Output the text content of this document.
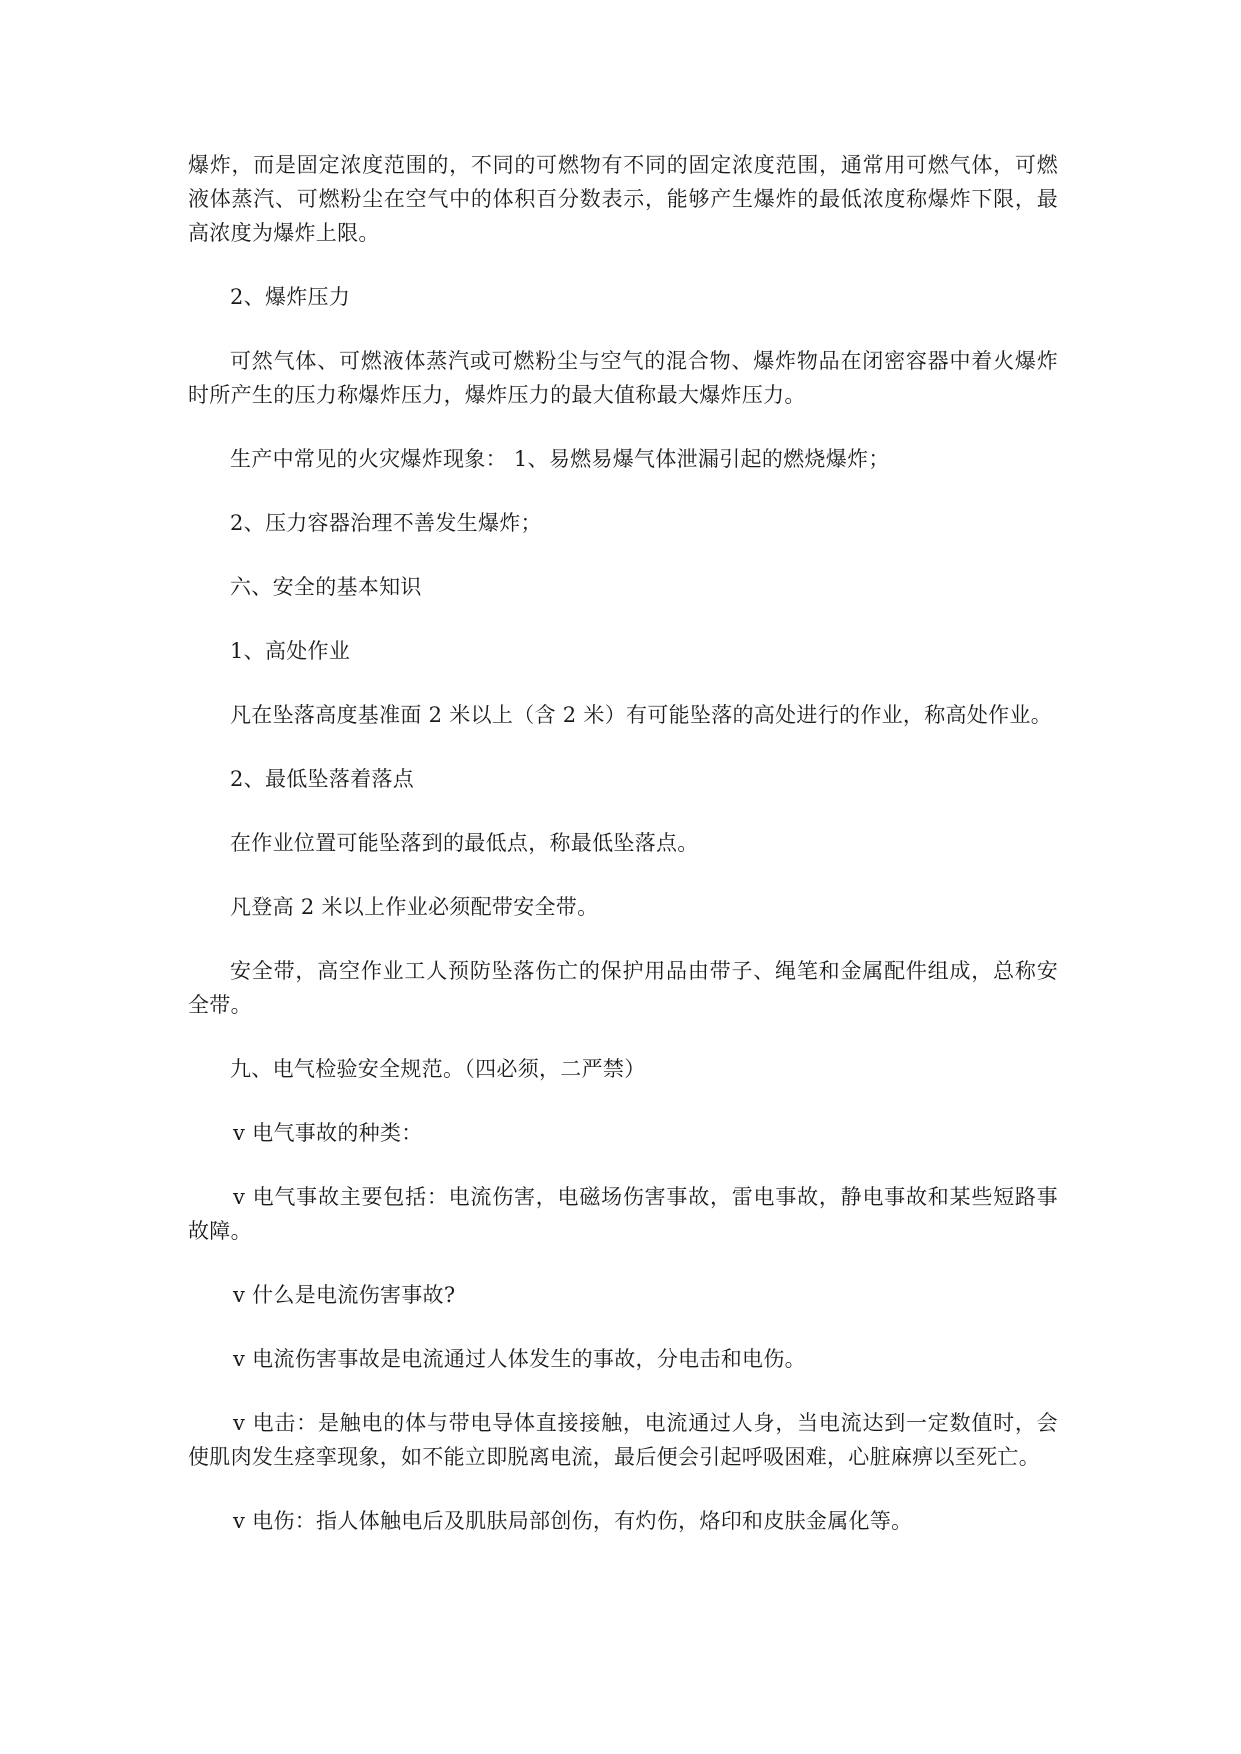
爆炸，而是固定浓度范围的，不同的可燃物有不同的固定浓度范围，通常用可燃气体，可燃液体蒸汽、可燃粉尘在空气中的体积百分数表示，能够产生爆炸的最低浓度称爆炸下限，最高浓度为爆炸上限。

2、爆炸压力

可然气体、可燃液体蒸汽或可燃粉尘与空气的混合物、爆炸物品在闭密容器中着火爆炸时所产生的压力称爆炸压力，爆炸压力的最大值称最大爆炸压力。

生产中常见的火灾爆炸现象： 1、易燃易爆气体泄漏引起的燃烧爆炸；

2、压力容器治理不善发生爆炸；

六、安全的基本知识

1、高处作业

凡在坠落高度基准面 2 米以上（含 2 米）有可能坠落的高处进行的作业，称高处作业。

2、最低坠落着落点

在作业位置可能坠落到的最低点，称最低坠落点。

凡登高 2 米以上作业必须配带安全带。

安全带，高空作业工人预防坠落伤亡的保护用品由带子、绳笔和金属配件组成，总称安全带。

九、电气检验安全规范。（四必须，二严禁）

v 电气事故的种类：

v 电气事故主要包括：电流伤害，电磁场伤害事故，雷电事故，静电事故和某些短路事故障。

v 什么是电流伤害事故?

v 电流伤害事故是电流通过人体发生的事故，分电击和电伤。

v 电击：是触电的体与带电导体直接接触，电流通过人身，当电流达到一定数值时，会使肌肉发生痉挛现象，如不能立即脱离电流，最后便会引起呼吸困难，心脏麻痹以至死亡。

v 电伤：指人体触电后及肌肤局部创伤，有灼伤，烙印和皮肤金属化等。
